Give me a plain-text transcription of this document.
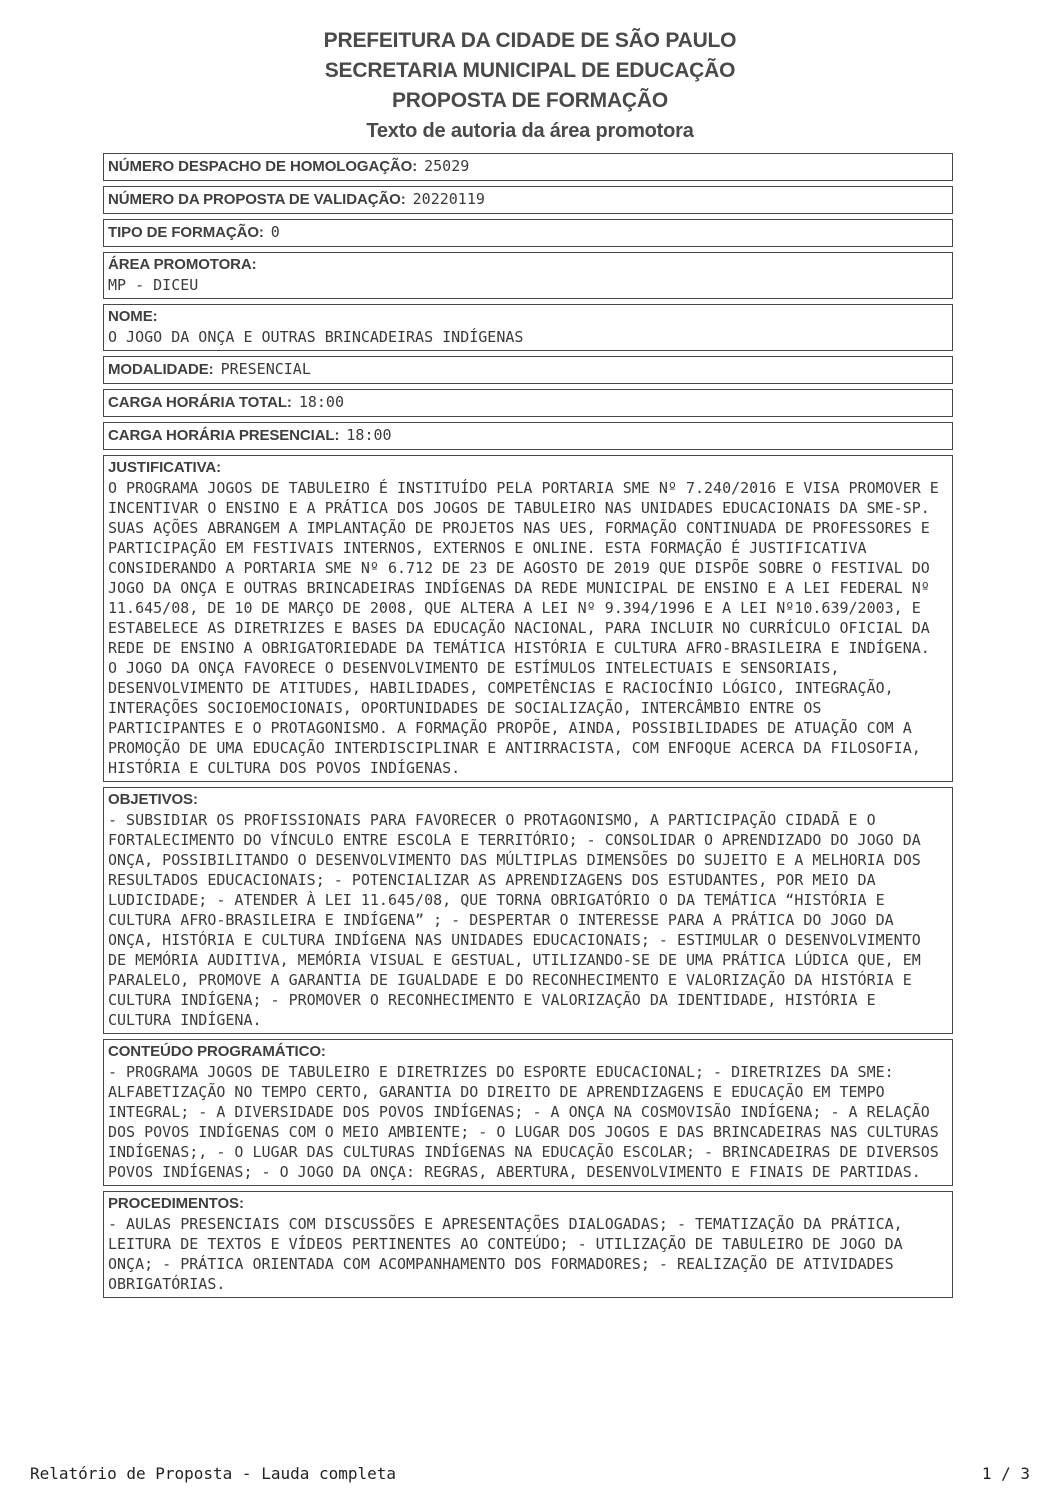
PREFEITURA DA CIDADE DE SÃO PAULO
SECRETARIA MUNICIPAL DE EDUCAÇÃO
PROPOSTA DE FORMAÇÃO
Texto de autoria da área promotora
NÚMERO DESPACHO DE HOMOLOGAÇÃO: 25029
NÚMERO DA PROPOSTA DE VALIDAÇÃO: 20220119
TIPO DE FORMAÇÃO: 0
ÁREA PROMOTORA:
MP - DICEU
NOME:
O JOGO DA ONÇA E OUTRAS BRINCADEIRAS INDÍGENAS
MODALIDADE: PRESENCIAL
CARGA HORÁRIA TOTAL: 18:00
CARGA HORÁRIA PRESENCIAL: 18:00
JUSTIFICATIVA:
O PROGRAMA JOGOS DE TABULEIRO É INSTITUÍDO PELA PORTARIA SME Nº 7.240/2016 E VISA PROMOVER E INCENTIVAR O ENSINO E A PRÁTICA DOS JOGOS DE TABULEIRO NAS UNIDADES EDUCACIONAIS DA SME-SP. SUAS AÇÕES ABRANGEM A IMPLANTAÇÃO DE PROJETOS NAS UES, FORMAÇÃO CONTINUADA DE PROFESSORES E PARTICIPAÇÃO EM FESTIVAIS INTERNOS, EXTERNOS E ONLINE. ESTA FORMAÇÃO É JUSTIFICATIVA CONSIDERANDO A PORTARIA SME Nº 6.712 DE 23 DE AGOSTO DE 2019 QUE DISPÕE SOBRE O FESTIVAL DO JOGO DA ONÇA E OUTRAS BRINCADEIRAS INDÍGENAS DA REDE MUNICIPAL DE ENSINO E A LEI FEDERAL Nº 11.645/08, DE 10 DE MARÇO DE 2008, QUE ALTERA A LEI Nº 9.394/1996 E A LEI Nº10.639/2003, E ESTABELECE AS DIRETRIZES E BASES DA EDUCAÇÃO NACIONAL, PARA INCLUIR NO CURRÍCULO OFICIAL DA REDE DE ENSINO A OBRIGATORIEDADE DA TEMÁTICA HISTÓRIA E CULTURA AFRO-BRASILEIRA E INDÍGENA. O JOGO DA ONÇA FAVORECE O DESENVOLVIMENTO DE ESTÍMULOS INTELECTUAIS E SENSORIAIS, DESENVOLVIMENTO DE ATITUDES, HABILIDADES, COMPETÊNCIAS E RACIOCÍNIO LÓGICO, INTEGRAÇÃO, INTERAÇÕES SOCIOEMOCIONAIS, OPORTUNIDADES DE SOCIALIZAÇÃO, INTERCÂMBIO ENTRE OS PARTICIPANTES E O PROTAGONISMO. A FORMAÇÃO PROPÕE, AINDA, POSSIBILIDADES DE ATUAÇÃO COM A PROMOÇÃO DE UMA EDUCAÇÃO INTERDISCIPLINAR E ANTIRRACISTA, COM ENFOQUE ACERCA DA FILOSOFIA, HISTÓRIA E CULTURA DOS POVOS INDÍGENAS.
OBJETIVOS:
- SUBSIDIAR OS PROFISSIONAIS PARA FAVORECER O PROTAGONISMO, A PARTICIPAÇÃO CIDADÃ E O FORTALECIMENTO DO VÍNCULO ENTRE ESCOLA E TERRITÓRIO; - CONSOLIDAR O APRENDIZADO DO JOGO DA ONÇA, POSSIBILITANDO O DESENVOLVIMENTO DAS MÚLTIPLAS DIMENSÕES DO SUJEITO E A MELHORIA DOS RESULTADOS EDUCACIONAIS; - POTENCIALIZAR AS APRENDIZAGENS DOS ESTUDANTES, POR MEIO DA LUDICIDADE; - ATENDER À LEI 11.645/08, QUE TORNA OBRIGATÓRIO O DA TEMÁTICA “HISTÓRIA E CULTURA AFRO-BRASILEIRA E INDÍGENA” ; - DESPERTAR O INTERESSE PARA A PRÁTICA DO JOGO DA ONÇA, HISTÓRIA E CULTURA INDÍGENA NAS UNIDADES EDUCACIONAIS; - ESTIMULAR O DESENVOLVIMENTO DE MEMÓRIA AUDITIVA, MEMÓRIA VISUAL E GESTUAL, UTILIZANDO-SE DE UMA PRÁTICA LÚDICA QUE, EM PARALELO, PROMOVE A GARANTIA DE IGUALDADE E DO RECONHECIMENTO E VALORIZAÇÃO DA HISTÓRIA E CULTURA INDÍGENA; - PROMOVER O RECONHECIMENTO E VALORIZAÇÃO DA IDENTIDADE, HISTÓRIA E CULTURA INDÍGENA.
CONTEÚDO PROGRAMÁTICO:
- PROGRAMA JOGOS DE TABULEIRO E DIRETRIZES DO ESPORTE EDUCACIONAL; - DIRETRIZES DA SME: ALFABETIZAÇÃO NO TEMPO CERTO, GARANTIA DO DIREITO DE APRENDIZAGENS E EDUCAÇÃO EM TEMPO INTEGRAL; - A DIVERSIDADE DOS POVOS INDÍGENAS; - A ONÇA NA COSMOVISÃO INDÍGENA; - A RELAÇÃO DOS POVOS INDÍGENAS COM O MEIO AMBIENTE; - O LUGAR DOS JOGOS E DAS BRINCADEIRAS NAS CULTURAS INDÍGENAS;, - O LUGAR DAS CULTURAS INDÍGENAS NA EDUCAÇÃO ESCOLAR; - BRINCADEIRAS DE DIVERSOS POVOS INDÍGENAS; - O JOGO DA ONÇA: REGRAS, ABERTURA, DESENVOLVIMENTO E FINAIS DE PARTIDAS.
PROCEDIMENTOS:
- AULAS PRESENCIAIS COM DISCUSSÕES E APRESENTAÇÕES DIALOGADAS; - TEMATIZAÇÃO DA PRÁTICA, LEITURA DE TEXTOS E VÍDEOS PERTINENTES AO CONTEÚDO; - UTILIZAÇÃO DE TABULEIRO DE JOGO DA ONÇA; - PRÁTICA ORIENTADA COM ACOMPANHAMENTO DOS FORMADORES; - REALIZAÇÃO DE ATIVIDADES OBRIGATÓRIAS.
Relatório de Proposta - Lauda completa	1 / 3
